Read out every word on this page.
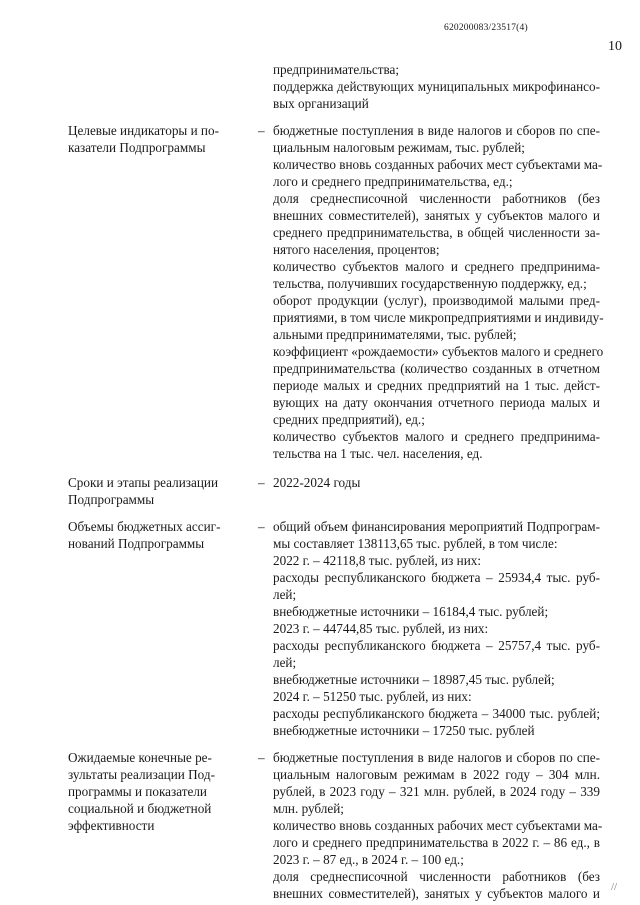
620200083/23517(4)
10
предпринимательства;
поддержка действующих муниципальных микрофинансо-
вых организаций
Целевые индикаторы и по-
казатели Подпрограммы
– бюджетные поступления в виде налогов и сборов по спе-
циальным налоговым режимам, тыс. рублей;
количество вновь созданных рабочих мест субъектами ма-
лого и среднего предпринимательства, ед.;
доля среднесписочной численности работников (без
внешних совместителей), занятых у субъектов малого и
среднего предпринимательства, в общей численности за-
нятого населения, процентов;
количество субъектов малого и среднего предпринима-
тельства, получивших государственную поддержку, ед.;
оборот продукции (услуг), производимой малыми пред-
приятиями, в том числе микропредприятиями и индивиду-
альными предпринимателями, тыс. рублей;
коэффициент «рождаемости» субъектов малого и среднего
предпринимательства (количество созданных в отчетном
периоде малых и средних предприятий на 1 тыс. дейст-
вующих на дату окончания отчетного периода малых и
средних предприятий), ед.;
количество субъектов малого и среднего предпринима-
тельства на 1 тыс. чел. населения, ед.
Сроки и этапы реализации
Подпрограммы
– 2022-2024 годы
Объемы бюджетных ассиг-
нований Подпрограммы
– общий объем финансирования мероприятий Подпрограм-
мы составляет 138113,65 тыс. рублей, в том числе:
2022 г. – 42118,8 тыс. рублей, из них:
расходы республиканского бюджета – 25934,4 тыс. руб-
лей;
внебюджетные источники – 16184,4 тыс. рублей;
2023 г. – 44744,85 тыс. рублей, из них:
расходы республиканского бюджета – 25757,4 тыс. руб-
лей;
внебюджетные источники – 18987,45 тыс. рублей;
2024 г. – 51250 тыс. рублей, из них:
расходы республиканского бюджета – 34000 тыс. рублей;
внебюджетные источники – 17250 тыс. рублей
Ожидаемые конечные ре-
зультаты реализации Под-
программы и показатели
социальной и бюджетной
эффективности
– бюджетные поступления в виде налогов и сборов по спе-
циальным налоговым режимам в 2022 году – 304 млн.
рублей, в 2023 году – 321 млн. рублей, в 2024 году – 339
млн. рублей;
количество вновь созданных рабочих мест субъектами ма-
лого и среднего предпринимательства в 2022 г. – 86 ед., в
2023 г. – 87 ед., в 2024 г. – 100 ед.;
доля среднесписочной численности работников (без
внешних совместителей), занятых у субъектов малого и //
